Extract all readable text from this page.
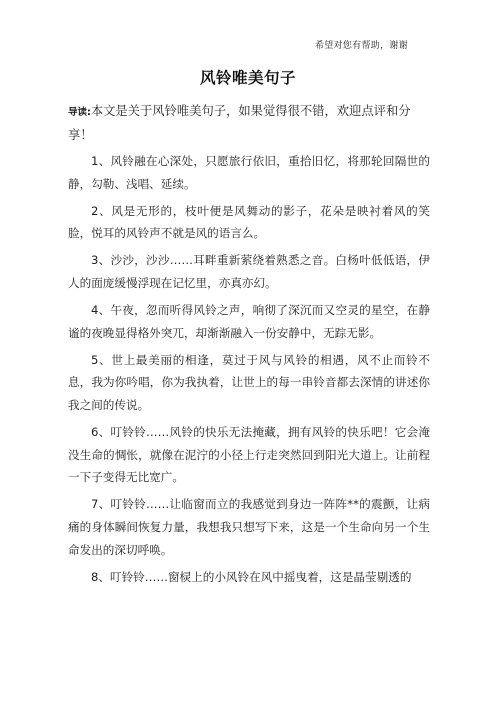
希望对您有帮助，谢谢
风铃唯美句子

导读:本文是关于风铃唯美句子，如果觉得很不错，欢迎点评和分享！

1、风铃融在心深处，只愿旅行依旧，重拾旧忆，将那轮回隔世的静，勾勒、浅唱、延续。

2、风是无形的，枝叶便是风舞动的影子，花朵是映衬着风的笑脸，悦耳的风铃声不就是风的语言么。

3、沙沙，沙沙……耳畔重新萦绕着熟悉之音。白杨叶低低语，伊人的面庞缓慢浮现在记忆里，亦真亦幻。

4、午夜，忽而听得风铃之声，响彻了深沉而又空灵的星空，在静谧的夜晚显得格外突兀，却渐渐融入一份安静中，无踪无影。

5、世上最美丽的相逢，莫过于风与风铃的相遇，风不止而铃不息，我为你吟唱，你为我执着，让世上的每一串铃音都去深情的讲述你我之间的传说。

6、叮铃铃……风铃的快乐无法掩藏，拥有风铃的快乐吧！它会淹没生命的惆怅，就像在泥泞的小径上行走突然回到阳光大道上。让前程一下子变得无比宽广。

7、叮铃铃……让临窗而立的我感觉到身边一阵阵**的震颤，让病痛的身体瞬间恢复力量，我想我只想写下来，这是一个生命向另一个生命发出的深切呼唤。

8、叮铃铃……窗棂上的小风铃在风中摇曳着，这是晶莹剔透的
